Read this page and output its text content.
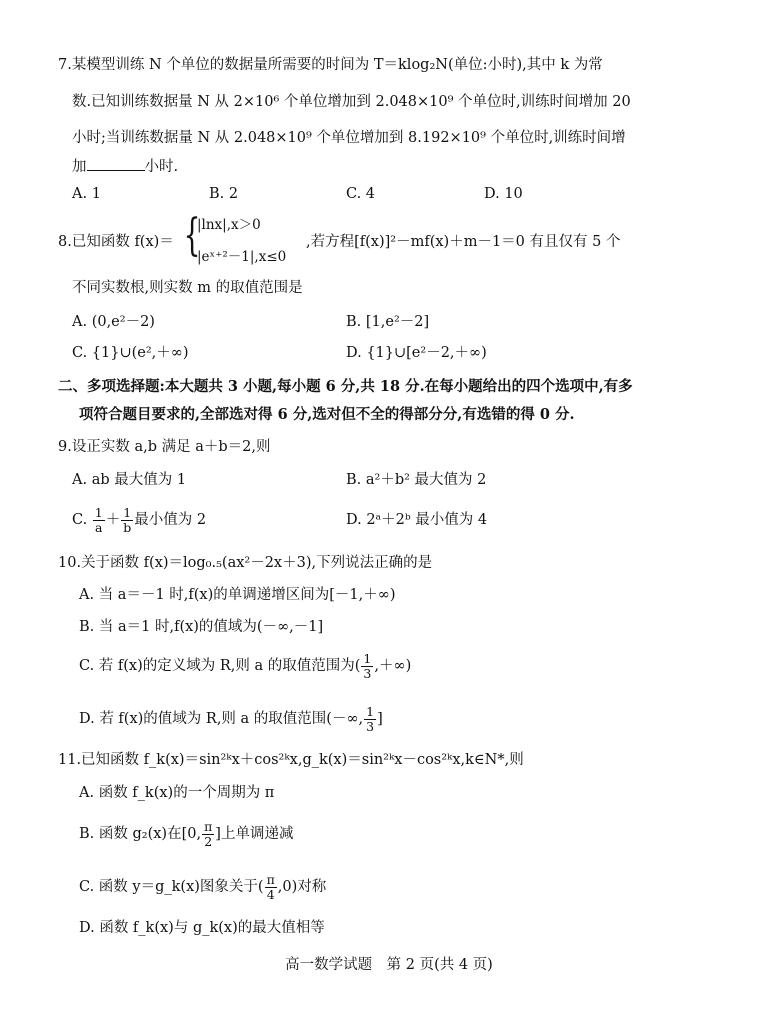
7.某模型训练 N 个单位的数据量所需要的时间为 T＝klog₂N(单位:小时),其中 k 为常
数.已知训练数据量 N 从 2×10⁶ 个单位增加到 2.048×10⁹ 个单位时,训练时间增加 20
小时;当训练数据量 N 从 2.048×10⁹ 个单位增加到 8.192×10⁹ 个单位时,训练时间增
加	小时.
A. 1	B. 2	C. 4	D. 10
8.已知函数 f(x)＝ {
|lnx|,x＞0
|eˣ⁺²－1|,x≤0
,若方程[f(x)]²－mf(x)＋m－1＝0 有且仅有 5 个
不同实数根,则实数 m 的取值范围是
A. (0,e²－2)	B. [1,e²－2]
C. {1}∪(e²,＋∞)	D. {1}∪[e²－2,＋∞)
二、多项选择题:本大题共 3 小题,每小题 6 分,共 18 分.在每小题给出的四个选项中,有多
项符合题目要求的,全部选对得 6 分,选对但不全的得部分分,有选错的得 0 分.
9.设正实数 a,b 满足 a＋b＝2,则
A. ab 最大值为 1	B. a²＋b² 最大值为 2
C. $\frac{1}{a} + \frac{1}{b}$ 最小值为 2	D. 2ᵃ＋2ᵇ 最小值为 4
10.关于函数 f(x)＝log₀.₅(ax²－2x＋3),下列说法正确的是
A. 当 a＝－1 时,f(x)的单调递增区间为[－1,＋∞)
B. 当 a＝1 时,f(x)的值域为(－∞,－1]
C. 若 f(x)的定义域为 R,则 a 的取值范围为( $\frac{1}{3}$ ,＋∞)
D. 若 f(x)的值域为 R,则 a 的取值范围(－∞, $\frac{1}{3}$ ]
11.已知函数 f_k(x)＝sin²ᵏx＋cos²ᵏx,g_k(x)＝sin²ᵏx－cos²ᵏx,k∈N*,则
A. 函数 f_k(x)的一个周期为 π
B. 函数 g₂(x)在[0, $\frac{\pi}{2}$ ]上单调递减
C. 函数 y＝g_k(x)图象关于( $\frac{\pi}{4} ,0$)对称
D. 函数 f_k(x)与 g_k(x)的最大值相等
高一数学试题　第 2 页(共 4 页)
